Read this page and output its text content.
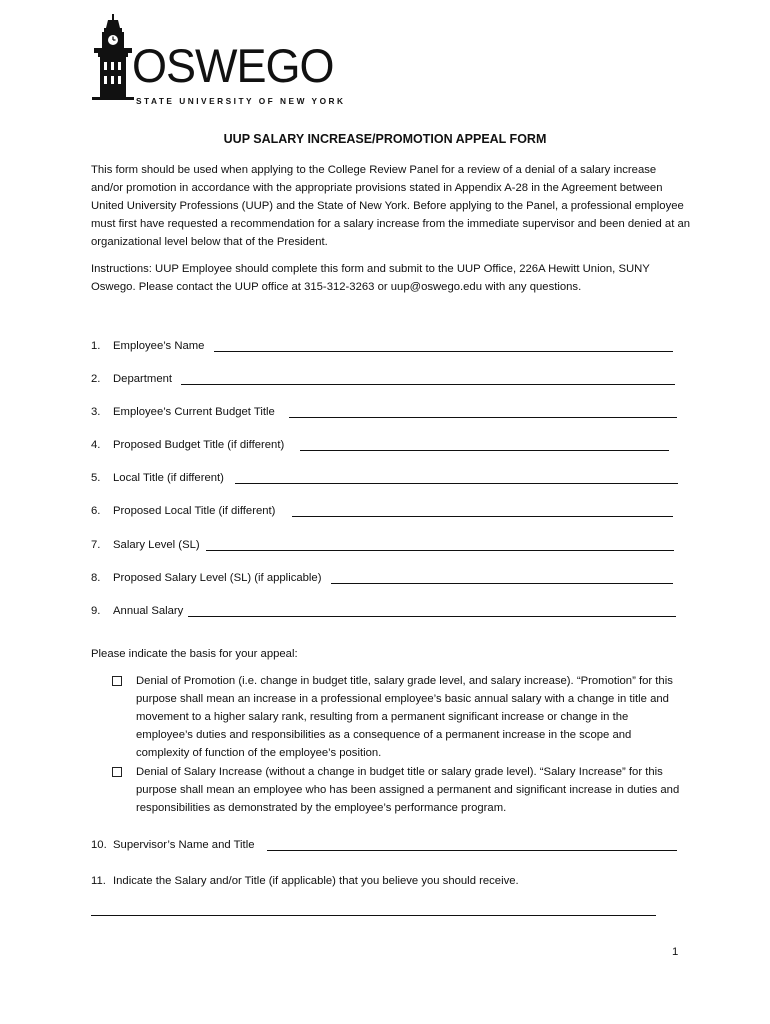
OSWEGO
STATE UNIVERSITY OF NEW YORK
UUP SALARY INCREASE/PROMOTION APPEAL FORM
This form should be used when applying to the College Review Panel for a review of a denial of a salary increase and/or promotion in accordance with the appropriate provisions stated in Appendix A-28 in the Agreement between United University Professions (UUP) and the State of New York. Before applying to the Panel, a professional employee must first have requested a recommendation for a salary increase from the immediate supervisor and been denied at an organizational level below that of the President.
Instructions: UUP Employee should complete this form and submit to the UUP Office, 226A Hewitt Union, SUNY Oswego. Please contact the UUP office at 315-312-3263 or uup@oswego.edu with any questions.
1.	Employee’s Name
2.	Department
3.	Employee’s Current Budget Title
4.	Proposed Budget Title (if different)
5.	Local Title (if different)
6.	Proposed Local Title (if different)
7.	Salary Level (SL)
8.	Proposed Salary Level (SL) (if applicable)
9.	Annual Salary
Please indicate the basis for your appeal:
Denial of Promotion (i.e. change in budget title, salary grade level, and salary increase). “Promotion” for this purpose shall mean an increase in a professional employee’s basic annual salary with a change in title and movement to a higher salary rank, resulting from a permanent significant increase or change in the employee’s duties and responsibilities as a consequence of a permanent increase in the scope and complexity of function of the employee’s position.
Denial of Salary Increase (without a change in budget title or salary grade level). “Salary Increase” for this purpose shall mean an employee who has been assigned a permanent and significant increase in duties and responsibilities as demonstrated by the employee’s performance program.
10. Supervisor’s Name and Title
11. Indicate the Salary and/or Title (if applicable) that you believe you should receive.
1
